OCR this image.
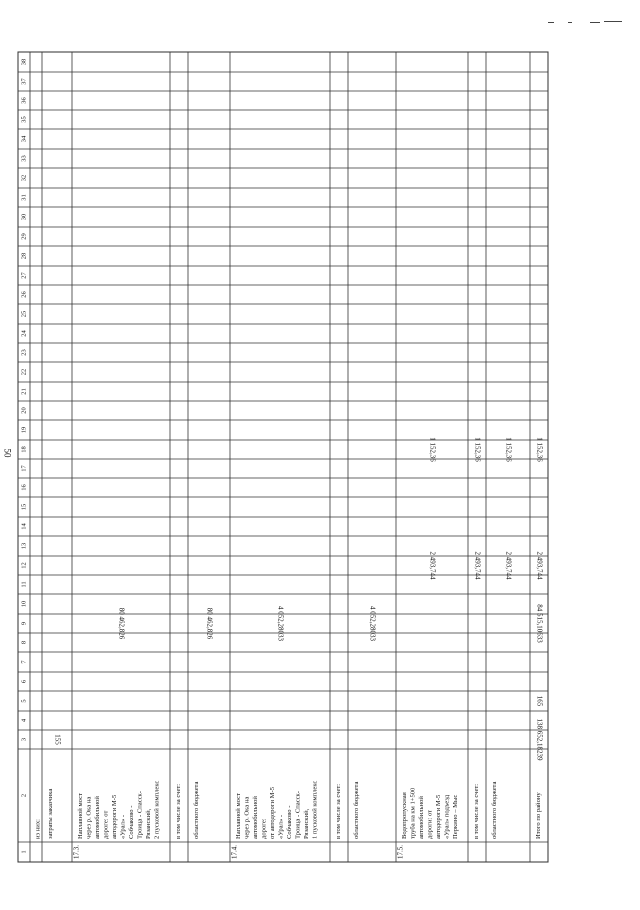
50
1
2
3
4
5
6
7
8
9
10
11
12
13
14
15
16
17
18
19
20
21
22
23
24
25
26
27
28
29
30
31
32
33
34
35
36
37
38
из них: затраты заказчика
155
17.3.
Наплавной мост через р. Ока на автомобильной дороге: от автодороги М-5 «Урал» - Собчаково - Троица - Спасск- Рязанский, 2 пусковой комплекс
80 462,826
в том числе за счет: областного бюджета
80 462,826
17.4.
Наплавной мост через р. Ока на автомобильной дороге: от автодороги М-5 «Урал» - Собчаково - Троица - Спасск- Рязанский, 1 пусковой комплекс
4 052,28033
в том числе за счет: областного бюджета
4 052,28033
17.5.
Водопропускная труба на км 1+500 автомобильной дороги: от автодороги М-5 «Урал» подъезд Перкино – Мыс
2 493,744
1 152,36
в том числе за счет:
2 493,744
1 152,36
областного бюджета
2 493,744
1 152,36
Итого по району
138 652,18239
165
84 515,10633
2 493,744
1 152,36
